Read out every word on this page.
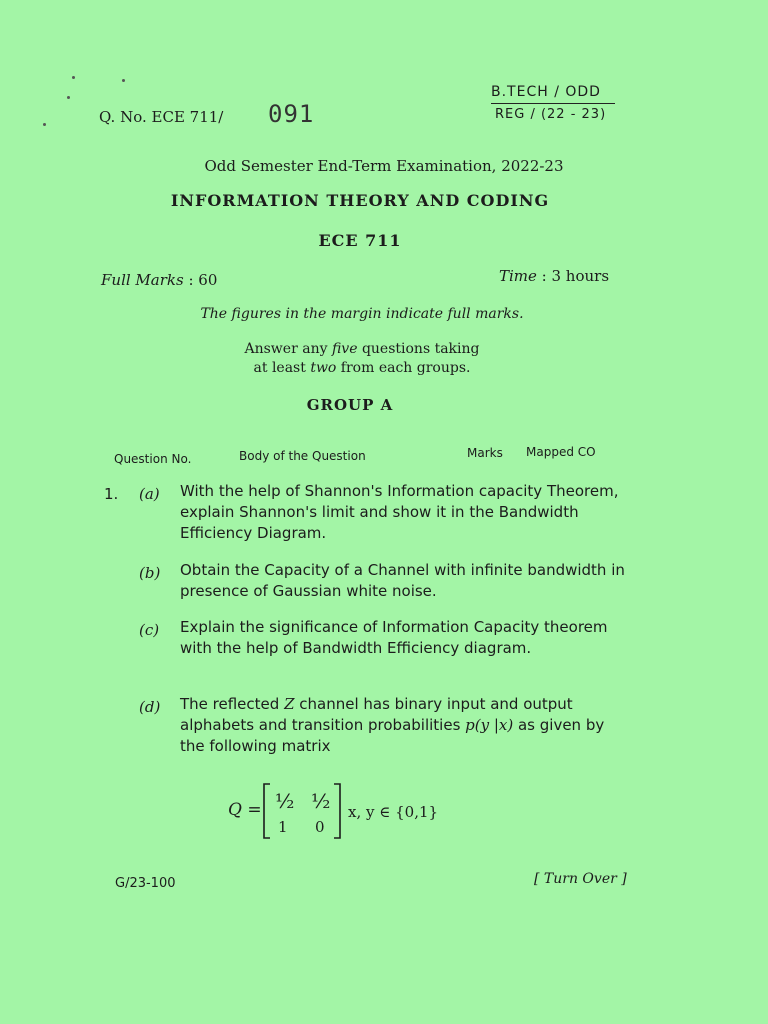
Q. No. ECE 711/ 091
B.TECH / ODD
REG / (22 - 23)
Odd Semester End-Term Examination, 2022-23
INFORMATION THEORY AND CODING
ECE 711
Full Marks : 60	Time : 3 hours
The figures in the margin indicate full marks.
Answer any five questions taking
at least two from each groups.
GROUP A
Question No.	Body of the Question	Marks Mapped CO
1. (a) With the help of Shannon's Information capacity Theorem, explain Shannon's limit and show it in the Bandwidth Efficiency Diagram.
(b) Obtain the Capacity of a Channel with infinite bandwidth in presence of Gaussian white noise.
(c) Explain the significance of Information Capacity theorem with the help of Bandwidth Efficiency diagram.
(d) The reflected Z channel has binary input and output alphabets and transition probabilities p(y |x) as given by the following matrix
Q = ½ ½
1 0
x, y ∈ {0,1}
G/23-100	[ Turn Over ]
